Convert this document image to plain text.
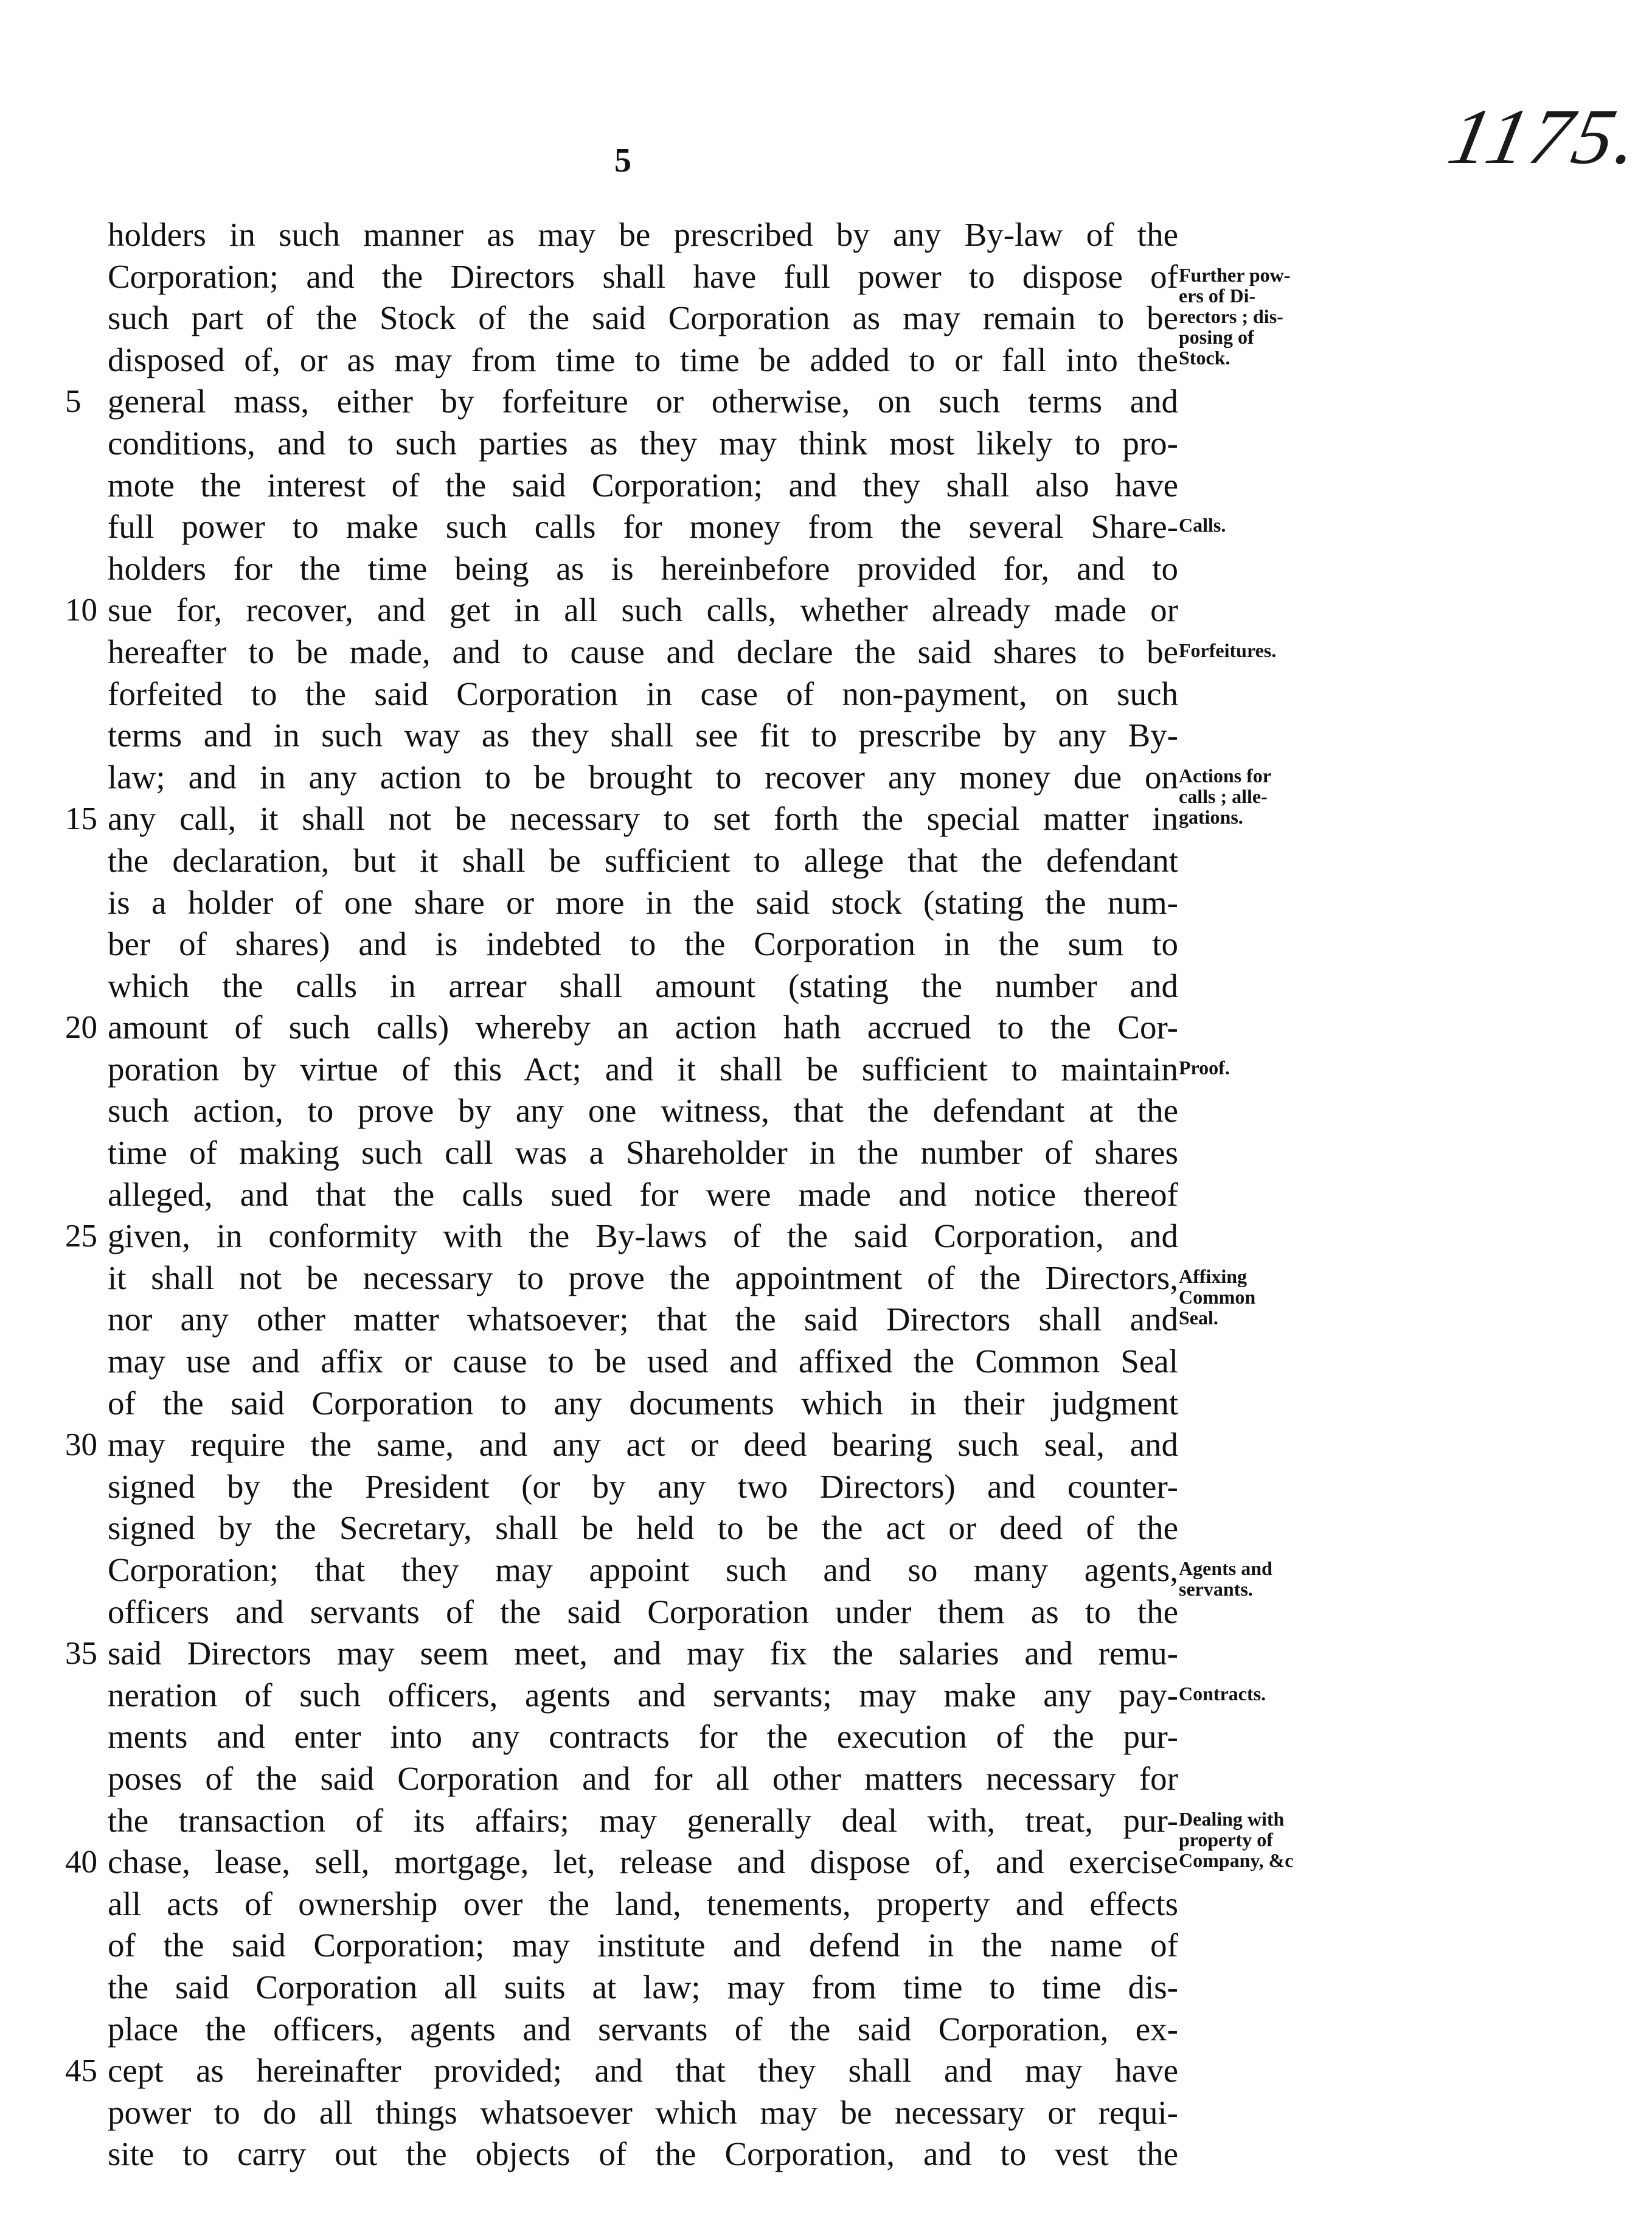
5	1175.
holders in such manner as may be prescribed by any By-law of the
Corporation; and the Directors shall have full power to dispose of
such part of the Stock of the said Corporation as may remain to be
disposed of, or as may from time to time be added to or fall into the
5 general mass, either by forfeiture or otherwise, on such terms and
conditions, and to such parties as they may think most likely to pro-
mote the interest of the said Corporation; and they shall also have
full power to make such calls for money from the several Share-
holders for the time being as is hereinbefore provided for, and to
10 sue for, recover, and get in all such calls, whether already made or
hereafter to be made, and to cause and declare the said shares to be
forfeited to the said Corporation in case of non-payment, on such
terms and in such way as they shall see fit to prescribe by any By-
law; and in any action to be brought to recover any money due on
15 any call, it shall not be necessary to set forth the special matter in
the declaration, but it shall be sufficient to allege that the defendant
is a holder of one share or more in the said stock (stating the num-
ber of shares) and is indebted to the Corporation in the sum to
which the calls in arrear shall amount (stating the number and
20 amount of such calls) whereby an action hath accrued to the Cor-
poration by virtue of this Act; and it shall be sufficient to maintain
such action, to prove by any one witness, that the defendant at the
time of making such call was a Shareholder in the number of shares
alleged, and that the calls sued for were made and notice thereof
25 given, in conformity with the By-laws of the said Corporation, and
it shall not be necessary to prove the appointment of the Directors,
nor any other matter whatsoever; that the said Directors shall and
may use and affix or cause to be used and affixed the Common Seal
of the said Corporation to any documents which in their judgment
30 may require the same, and any act or deed bearing such seal, and
signed by the President (or by any two Directors) and counter-
signed by the Secretary, shall be held to be the act or deed of the
Corporation; that they may appoint such and so many agents,
officers and servants of the said Corporation under them as to the
35 said Directors may seem meet, and may fix the salaries and remu-
neration of such officers, agents and servants; may make any pay-
ments and enter into any contracts for the execution of the pur-
poses of the said Corporation and for all other matters necessary for
the transaction of its affairs; may generally deal with, treat, pur-
40 chase, lease, sell, mortgage, let, release and dispose of, and exercise
all acts of ownership over the land, tenements, property and effects
of the said Corporation; may institute and defend in the name of
the said Corporation all suits at law; may from time to time dis-
place the officers, agents and servants of the said Corporation, ex-
45 cept as hereinafter provided; and that they shall and may have
power to do all things whatsoever which may be necessary or requi-
site to carry out the objects of the Corporation, and to vest the
Further pow-
ers of Di-
rectors ; dis-
posing of
Stock.
Calls.
Forfeitures.
Actions for
calls ; alle-
gations.
Proof.
Affixing
Common
Seal.
Agents and
servants.
Contracts.
Dealing with
property of
Company, &c
